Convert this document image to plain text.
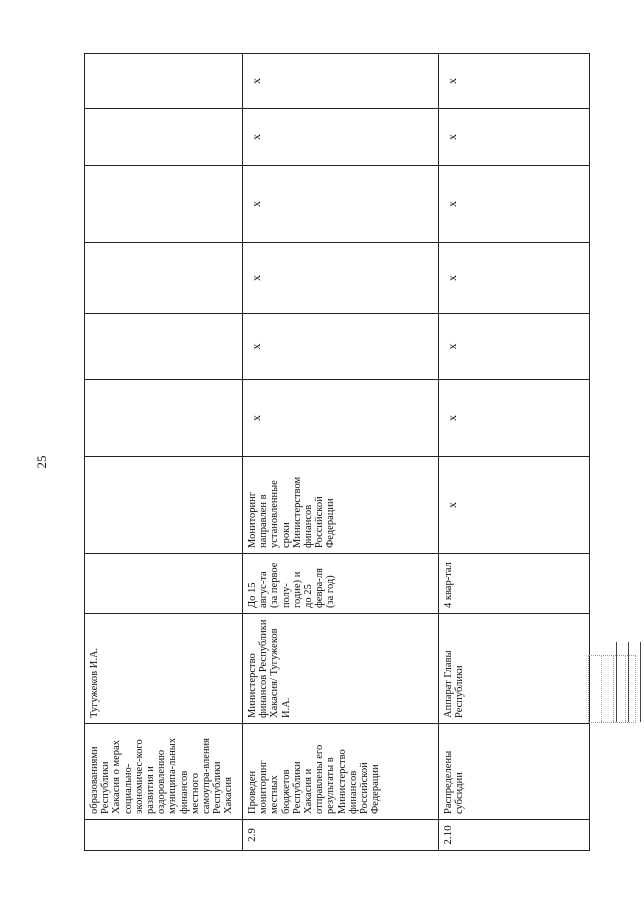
25
	образованиями Республики Хакасия о мерах социально-экономичес-кого развития и оздоровлению муниципа-льных финансов местного самоупра-вления Республики Хакасия	Тугужеков И.А.								
2.9	Проведен мониторинг местных бюджетов Республики Хакасия и отправлены его результаты в Министерство финансов Российской Федерации	Министерство финансов Республики Хакасия/ Тугужеков И.А.	До 15 авгус-та (за первое полу-годие) и до 25 февра-ля (за год)	Мониторинг направлен в установленные сроки Министерством финансов Российской Федерации	х	х	х	х	х	х
2.10	Распределены субсидии	Аппарат Главы Республики	4 квар-тал	х	х	х	х	х	х	х
__________
__________
__________
